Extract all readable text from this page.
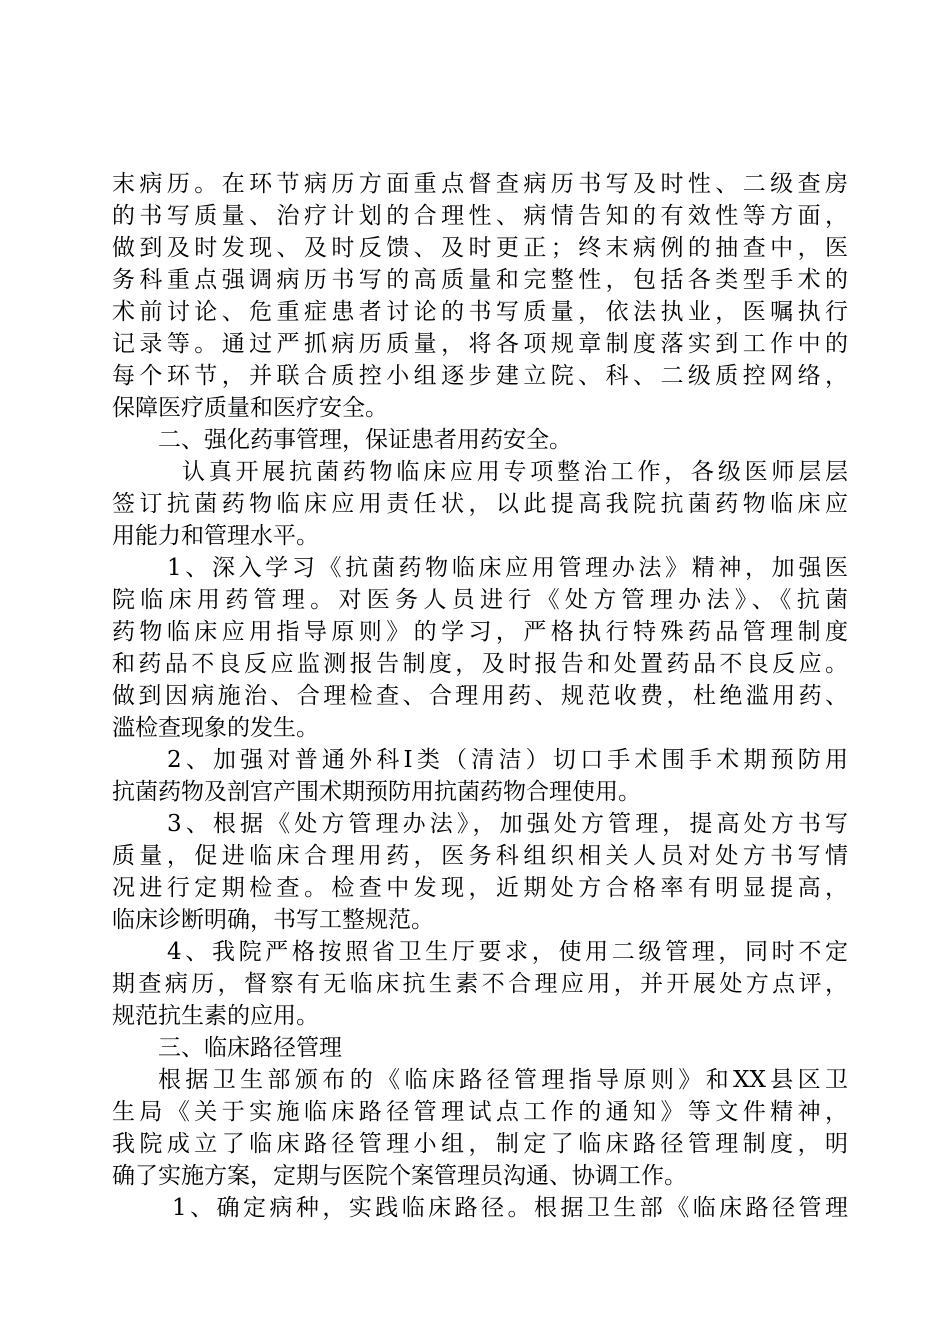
末病历。在环节病历方面重点督查病历书写及时性、二级查房
的书写质量、治疗计划的合理性、病情告知的有效性等方面，
做到及时发现、及时反馈、及时更正；终末病例的抽查中，医
务科重点强调病历书写的高质量和完整性，包括各类型手术的
术前讨论、危重症患者讨论的书写质量，依法执业，医嘱执行
记录等。通过严抓病历质量，将各项规章制度落实到工作中的
每个环节，并联合质控小组逐步建立院、科、二级质控网络，
保障医疗质量和医疗安全。
二、强化药事管理，保证患者用药安全。
认真开展抗菌药物临床应用专项整治工作，各级医师层层
签订抗菌药物临床应用责任状，以此提高我院抗菌药物临床应
用能力和管理水平。
1、深入学习《抗菌药物临床应用管理办法》精神，加强医
院临床用药管理。对医务人员进行《处方管理办法》、《抗菌
药物临床应用指导原则》的学习，严格执行特殊药品管理制度
和药品不良反应监测报告制度，及时报告和处置药品不良反应。
做到因病施治、合理检查、合理用药、规范收费，杜绝滥用药、
滥检查现象的发生。
2、加强对普通外科Ⅰ类（清洁）切口手术围手术期预防用
抗菌药物及剖宫产围术期预防用抗菌药物合理使用。
3、根据《处方管理办法》，加强处方管理，提高处方书写
质量，促进临床合理用药，医务科组织相关人员对处方书写情
况进行定期检查。检查中发现，近期处方合格率有明显提高，
临床诊断明确，书写工整规范。
4、我院严格按照省卫生厅要求，使用二级管理，同时不定
期查病历，督察有无临床抗生素不合理应用，并开展处方点评，
规范抗生素的应用。
三、临床路径管理
根据卫生部颁布的《临床路径管理指导原则》和XX县区卫
生局《关于实施临床路径管理试点工作的通知》等文件精神，
我院成立了临床路径管理小组，制定了临床路径管理制度，明
确了实施方案，定期与医院个案管理员沟通、协调工作。
1、确定病种，实践临床路径。根据卫生部《临床路径管理
